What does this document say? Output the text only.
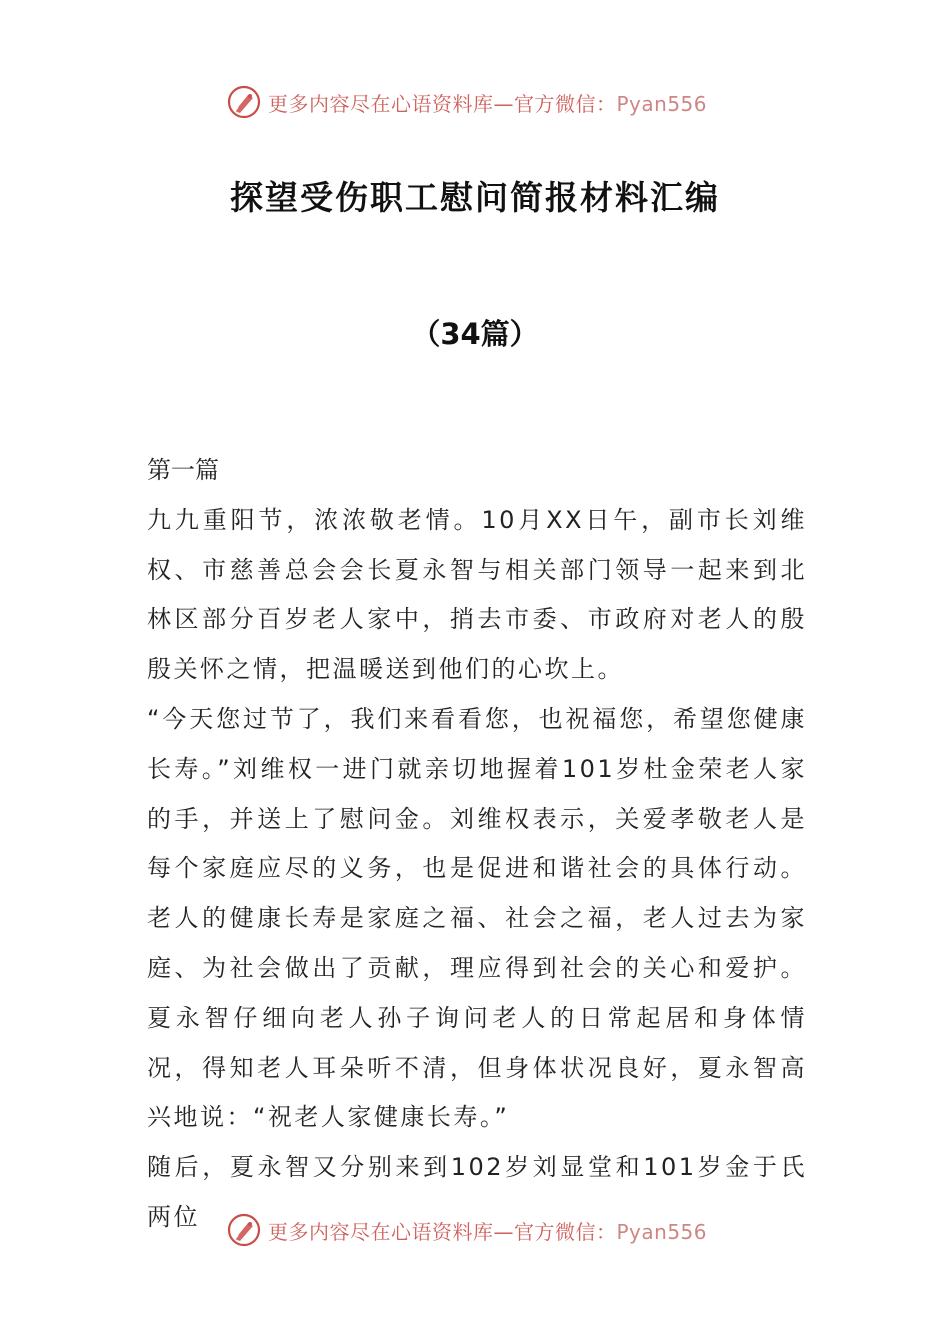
更多内容尽在心语资料库—官方微信：Pyan556
探望受伤职工慰问简报材料汇编
（34篇）

第一篇

九九重阳节，浓浓敬老情。10月XX日午，副市长刘维权、市慈善总会会长夏永智与相关部门领导一起来到北林区部分百岁老人家中，捎去市委、市政府对老人的殷殷关怀之情，把温暖送到他们的心坎上。

“今天您过节了，我们来看看您，也祝福您，希望您健康长寿。”刘维权一进门就亲切地握着101岁杜金荣老人家的手，并送上了慰问金。刘维权表示，关爱孝敬老人是每个家庭应尽的义务，也是促进和谐社会的具体行动。老人的健康长寿是家庭之福、社会之福，老人过去为家庭、为社会做出了贡献，理应得到社会的关心和爱护。夏永智仔细向老人孙子询问老人的日常起居和身体情况，得知老人耳朵听不清，但身体状况良好，夏永智高兴地说：“祝老人家健康长寿。”

随后，夏永智又分别来到102岁刘显堂和101岁金于氏两位

更多内容尽在心语资料库—官方微信：Pyan556
